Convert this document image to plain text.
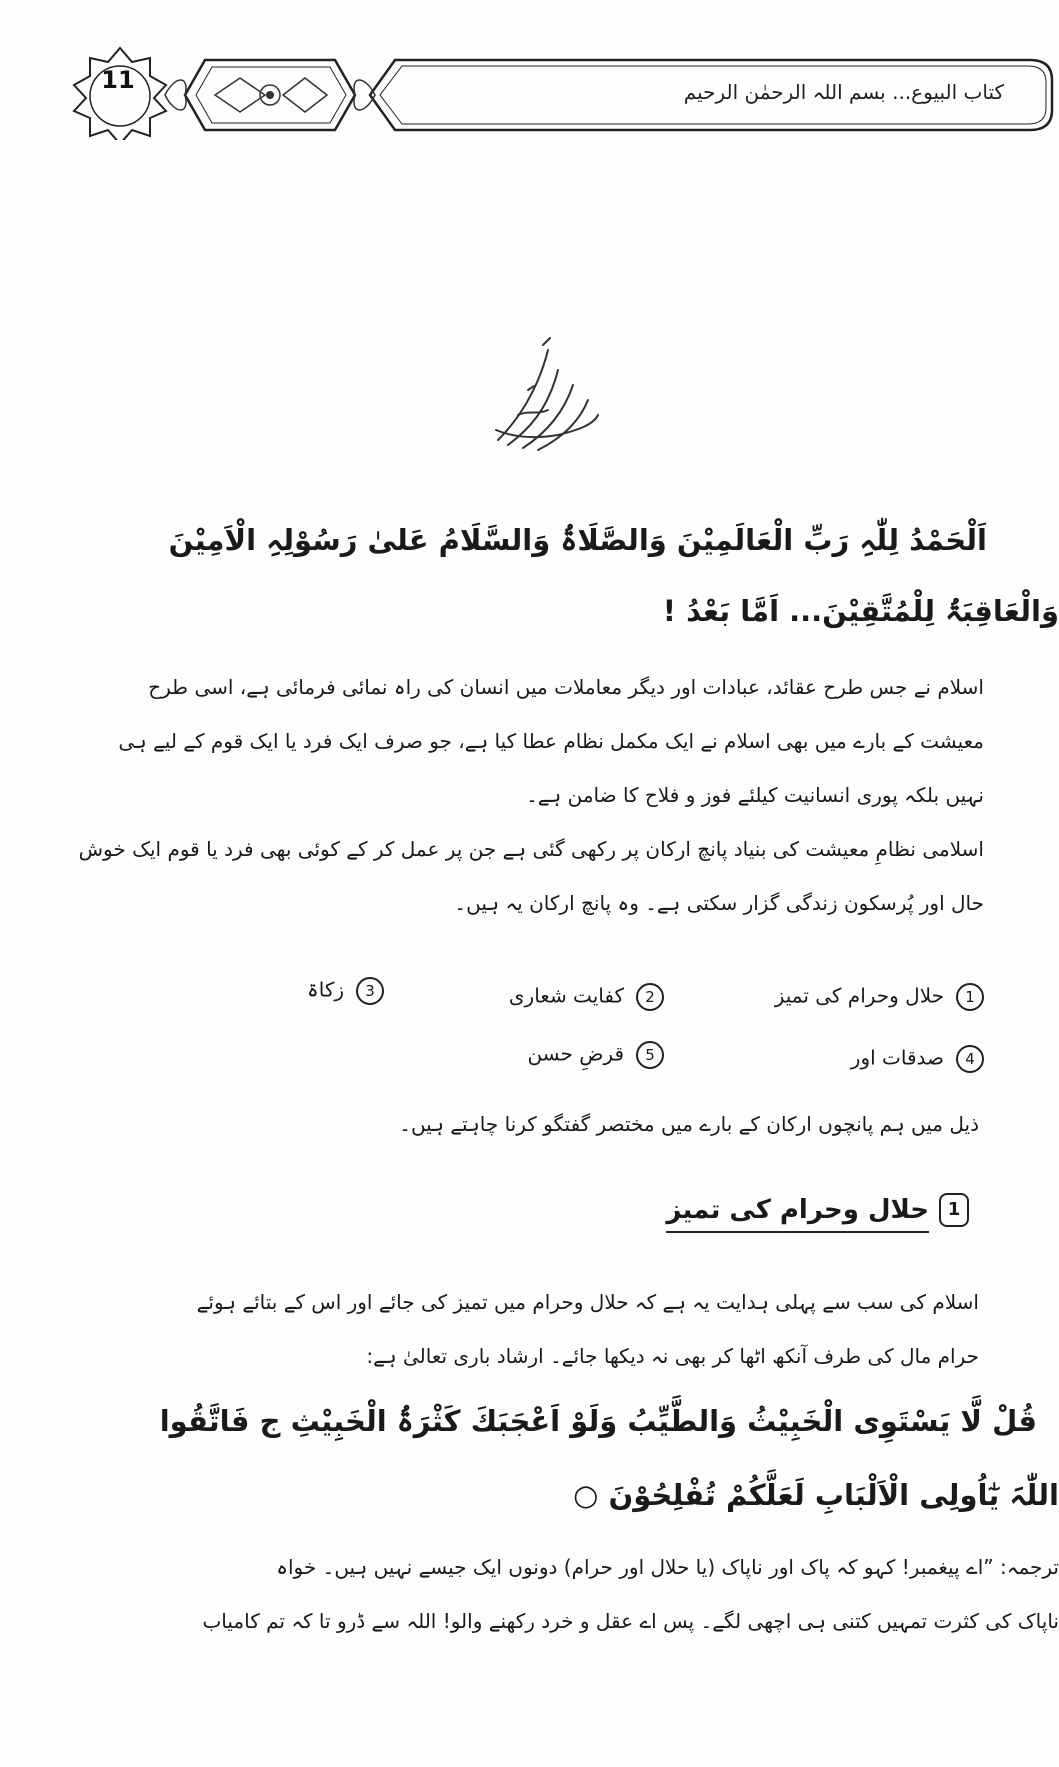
11	کتاب البیوع... بسم اللہ الرحمٰن الرحیم
اَلْحَمْدُ لِلّٰہِ رَبِّ الْعَالَمِیْنَ وَالصَّلَاۃُ وَالسَّلَامُ عَلیٰ رَسُوْلِہِ الْاَمِیْنَ
وَالْعَاقِبَۃُ لِلْمُتَّقِیْنَ... اَمَّا بَعْدُ !

اسلام نے جس طرح عقائد، عبادات اور دیگر معاملات میں انسان کی راہ نمائی فرمائی ہے، اسی طرح

معیشت کے بارے میں بھی اسلام نے ایک مکمل نظام عطا کیا ہے، جو صرف ایک فرد یا ایک قوم کے لیے ہی

نہیں بلکہ پوری انسانیت کیلئے فوز و فلاح کا ضامن ہے۔

اسلامی نظامِ معیشت کی بنیاد پانچ ارکان پر رکھی گئی ہے جن پر عمل کر کے کوئی بھی فرد یا قوم ایک خوش

حال اور پُرسکون زندگی گزار سکتی ہے۔ وہ پانچ ارکان یہ ہیں۔

1حلال وحرام کی تمیز
2کفایت شعاری
3زکاۃ
4صدقات اور
5قرضِ حسن
ذیل میں ہم پانچوں ارکان کے بارے میں مختصر گفتگو کرنا چاہتے ہیں۔
1حلال وحرام کی تمیز

اسلام کی سب سے پہلی ہدایت یہ ہے کہ حلال وحرام میں تمیز کی جائے اور اس کے بتائے ہوئے

حرام مال کی طرف آنکھ اٹھا کر بھی نہ دیکھا جائے۔ ارشاد باری تعالیٰ ہے:

قُلْ لَّا یَسْتَوِی الْخَبِیْثُ وَالطَّیِّبُ وَلَوْ اَعْجَبَكَ كَثْرَۃُ الْخَبِیْثِ ج فَاتَّقُوا
اللّٰہَ یٰٓاُولِی الْاَلْبَابِ لَعَلَّكُمْ تُفْلِحُوْنَ ○

ترجمہ: ”اے پیغمبر! کہو کہ پاک اور ناپاک (یا حلال اور حرام) دونوں ایک جیسے نہیں ہیں۔ خواہ

ناپاک کی کثرت تمہیں کتنی ہی اچھی لگے۔ پس اے عقل و خرد رکھنے والو! اللہ سے ڈرو تا کہ تم کامیاب
